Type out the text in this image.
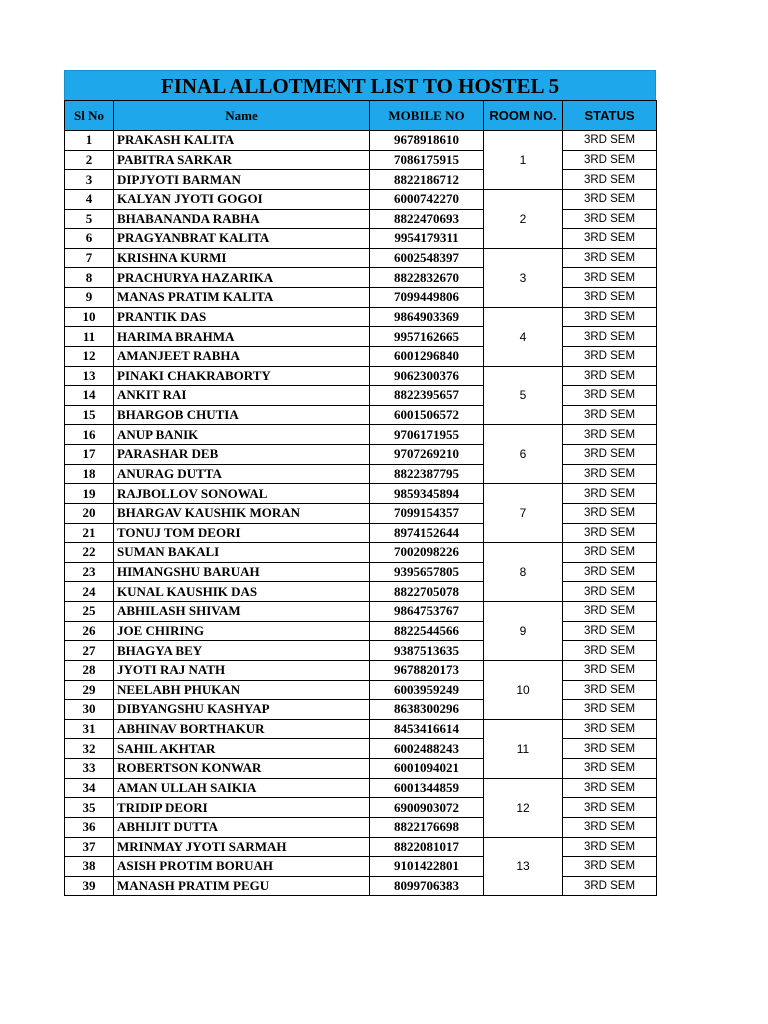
FINAL ALLOTMENT LIST TO HOSTEL 5
Sl No	Name	MOBILE NO	ROOM NO.	STATUS
1	PRAKASH KALITA	9678918610	1	3RD SEM
2	PABITRA SARKAR	7086175915		3RD SEM
3	DIPJYOTI BARMAN	8822186712		3RD SEM
4	KALYAN JYOTI GOGOI	6000742270	2	3RD SEM
5	BHABANANDA RABHA	8822470693		3RD SEM
6	PRAGYANBRAT KALITA	9954179311		3RD SEM
7	KRISHNA KURMI	6002548397	3	3RD SEM
8	PRACHURYA HAZARIKA	8822832670		3RD SEM
9	MANAS PRATIM KALITA	7099449806		3RD SEM
10	PRANTIK DAS	9864903369	4	3RD SEM
11	HARIMA BRAHMA	9957162665		3RD SEM
12	AMANJEET RABHA	6001296840		3RD SEM
13	PINAKI CHAKRABORTY	9062300376	5	3RD SEM
14	ANKIT RAI	8822395657		3RD SEM
15	BHARGOB CHUTIA	6001506572		3RD SEM
16	ANUP BANIK	9706171955	6	3RD SEM
17	PARASHAR DEB	9707269210		3RD SEM
18	ANURAG DUTTA	8822387795		3RD SEM
19	RAJBOLLOV SONOWAL	9859345894	7	3RD SEM
20	BHARGAV KAUSHIK MORAN	7099154357		3RD SEM
21	TONUJ TOM DEORI	8974152644		3RD SEM
22	SUMAN BAKALI	7002098226	8	3RD SEM
23	HIMANGSHU BARUAH	9395657805		3RD SEM
24	KUNAL KAUSHIK DAS	8822705078		3RD SEM
25	ABHILASH SHIVAM	9864753767	9	3RD SEM
26	JOE CHIRING	8822544566		3RD SEM
27	BHAGYA BEY	9387513635		3RD SEM
28	JYOTI RAJ NATH	9678820173	10	3RD SEM
29	NEELABH PHUKAN	6003959249		3RD SEM
30	DIBYANGSHU KASHYAP	8638300296		3RD SEM
31	ABHINAV BORTHAKUR	8453416614	11	3RD SEM
32	SAHIL AKHTAR	6002488243		3RD SEM
33	ROBERTSON KONWAR	6001094021		3RD SEM
34	AMAN ULLAH SAIKIA	6001344859	12	3RD SEM
35	TRIDIP DEORI	6900903072		3RD SEM
36	ABHIJIT DUTTA	8822176698		3RD SEM
37	MRINMAY JYOTI SARMAH	8822081017	13	3RD SEM
38	ASISH PROTIM BORUAH	9101422801		3RD SEM
39	MANASH PRATIM PEGU	8099706383		3RD SEM
